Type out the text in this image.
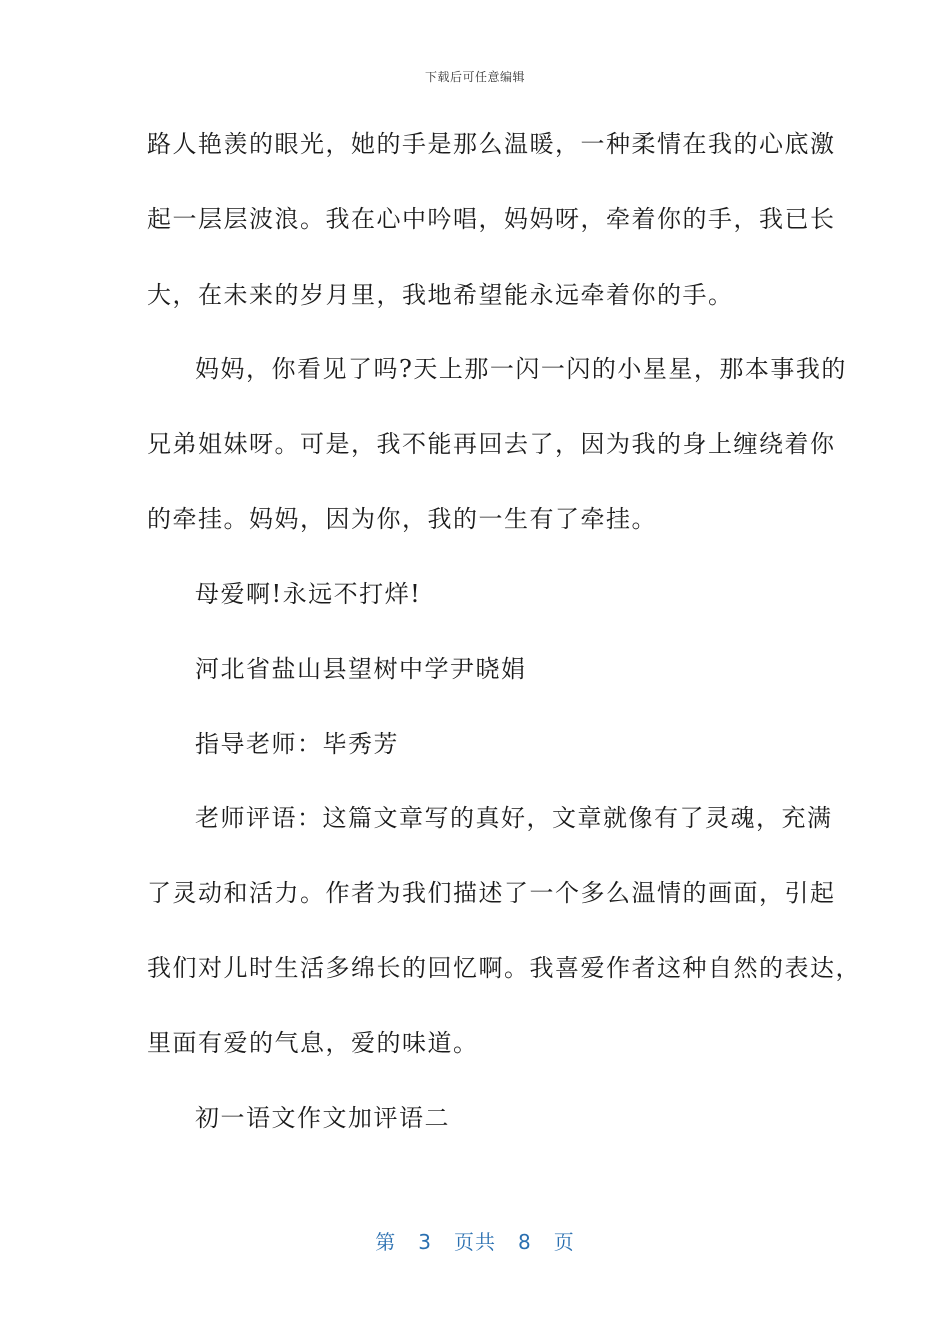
下载后可任意编辑
路人艳羡的眼光，她的手是那么温暖，一种柔情在我的心底激
起一层层波浪。我在心中吟唱，妈妈呀，牵着你的手，我已长
大，在未来的岁月里，我地希望能永远牵着你的手。
妈妈，你看见了吗?天上那一闪一闪的小星星，那本事我的
兄弟姐妹呀。可是，我不能再回去了，因为我的身上缠绕着你
的牵挂。妈妈，因为你，我的一生有了牵挂。
母爱啊!永远不打烊!
河北省盐山县望树中学尹晓娟
指导老师：毕秀芳
老师评语：这篇文章写的真好，文章就像有了灵魂，充满
了灵动和活力。作者为我们描述了一个多么温情的画面，引起
我们对儿时生活多绵长的回忆啊。我喜爱作者这种自然的表达，
里面有爱的气息，爱的味道。
初一语文作文加评语二
第 3 页共 8 页
